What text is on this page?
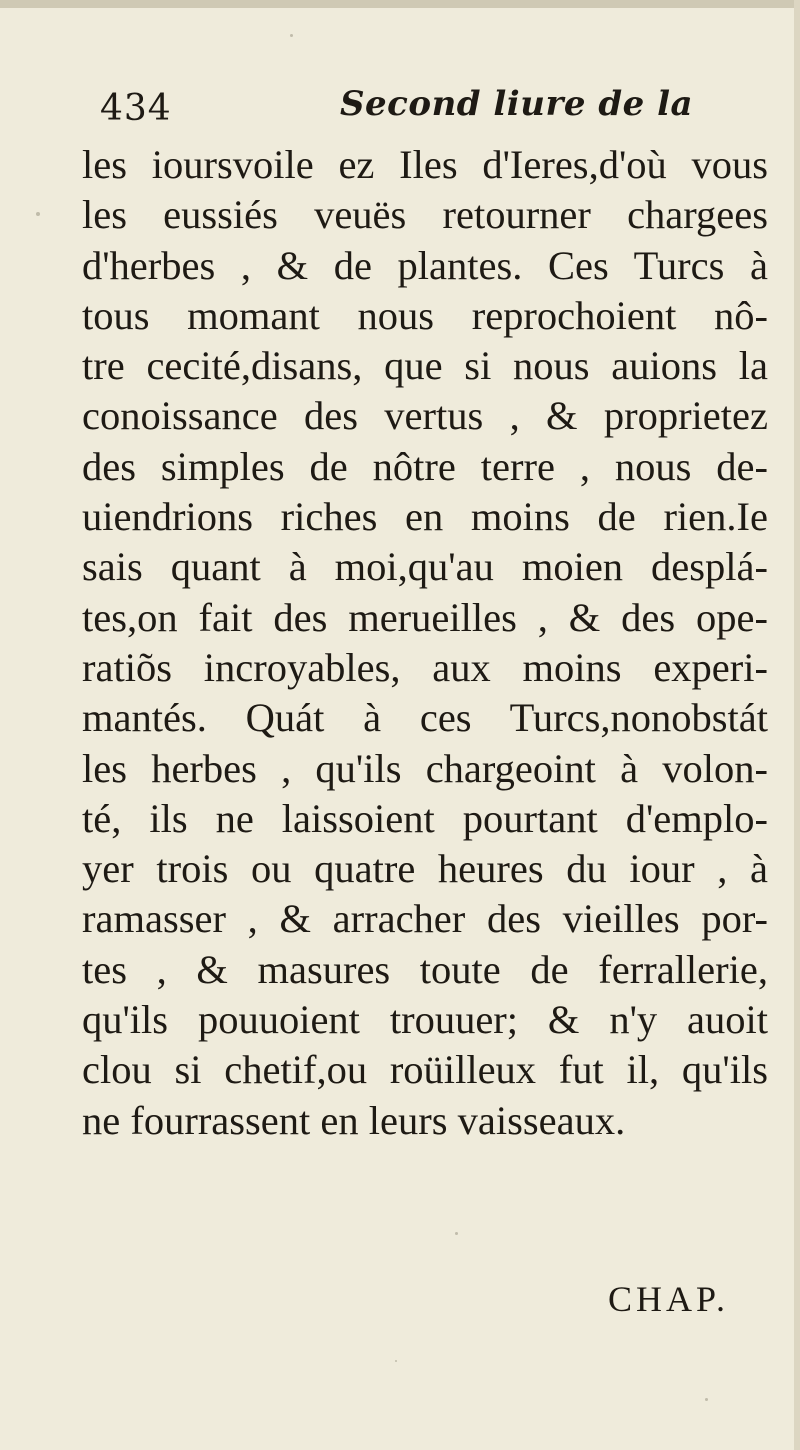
434	Second liure de la
les ioursvoile ez Iles d'Ieres,d'où vous
les eussiés veuës retourner chargees
d'herbes , & de plantes. Ces Turcs à
tous momant nous reprochoient nô-
tre cecité,disans, que si nous auions la
conoissance des vertus , & proprietez
des simples de nôtre terre , nous de-
uiendrions riches en moins de rien.Ie
sais quant à moi,qu'au moien desplá-
tes,on fait des merueilles , & des ope-
ratiõs incroyables, aux moins experi-
mantés. Quát à ces Turcs,nonobstát
les herbes , qu'ils chargeoint à volon-
té, ils ne laissoient pourtant d'emplo-
yer trois ou quatre heures du iour , à
ramasser , & arracher des vieilles por-
tes , & masures toute de ferrallerie,
qu'ils pouuoient trouuer; & n'y auoit
clou si chetif,ou roüilleux fut il, qu'ils
ne fourrassent en leurs vaisseaux.
CHAP.
